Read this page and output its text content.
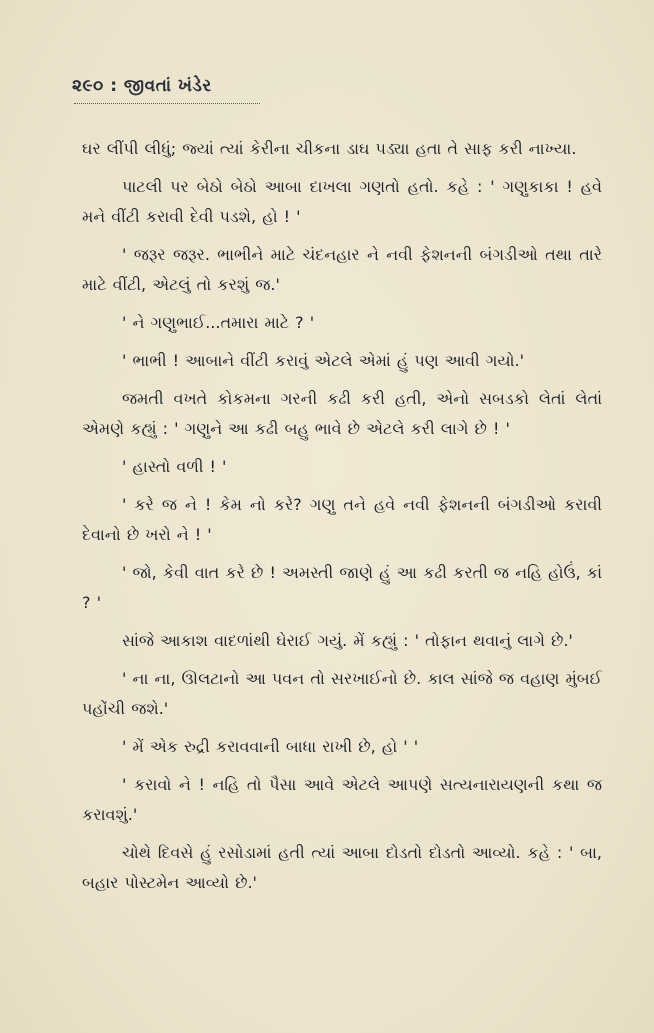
૨૯૦ : જીવતાં ખંડેર

ઘર લીંપી લીધું; જ્યાં ત્યાં કેરીના ચીકના ડાઘ પડ્યા હતા તે સાફ કરી નાખ્યા.

પાટલી પર બેઠો બેઠો આબા દાખલા ગણતો હતો. કહે : ' ગણુકાકા ! હવે મને વીંટી કરાવી દેવી પડશે, હો ! '

' જરૂર જરૂર. ભાભીને માટે ચંદનહાર ને નવી ફેશનની બંગડીઓ તથા તારે માટે વીંટી, એટલું તો કરશું જ.'

' ને ગણુભાઈ...તમારા માટે ? '

' ભાભી ! આબાને વીંટી કરાવું એટલે એમાં હું પણ આવી ગયો.'

જમતી વખતે કોકમના ગરની કઢી કરી હતી, એનો સબડકો લેતાં લેતાં એમણે કહ્યું : ' ગણુને આ કઢી બહુ ભાવે છે એટલે કરી લાગે છે ! '

' હાસ્તો વળી ! '

' કરે જ ને ! કેમ નો કરે? ગણુ તને હવે નવી ફેશનની બંગડીઓ કરાવી દેવાનો છે ખરો ને ! '

' જો, કેવી વાત કરે છે ! અમસ્તી જાણે હું આ કઢી કરતી જ નહિ હોઉં, કાં ? '

સાંજે આકાશ વાદળાંથી ઘેરાઈ ગયું. મેં કહ્યું : ' તોફાન થવાનું લાગે છે.'

' ના ના, ઊલટાનો આ પવન તો સરખાઈનો છે. કાલ સાંજે જ વહાણ મુંબઈ પહોંચી જશે.'

' મેં એક રુદ્રી કરાવવાની બાધા રાખી છે, હો ' '

' કરાવો ને ! નહિ તો પૈસા આવે એટલે આપણે સત્યનારાયણની કથા જ કરાવશું.'

ચોથે દિવસે હું રસોડામાં હતી ત્યાં આબા દોડતો દોડતો આવ્યો. કહે : ' બા, બહાર પોસ્ટમેન આવ્યો છે.'
